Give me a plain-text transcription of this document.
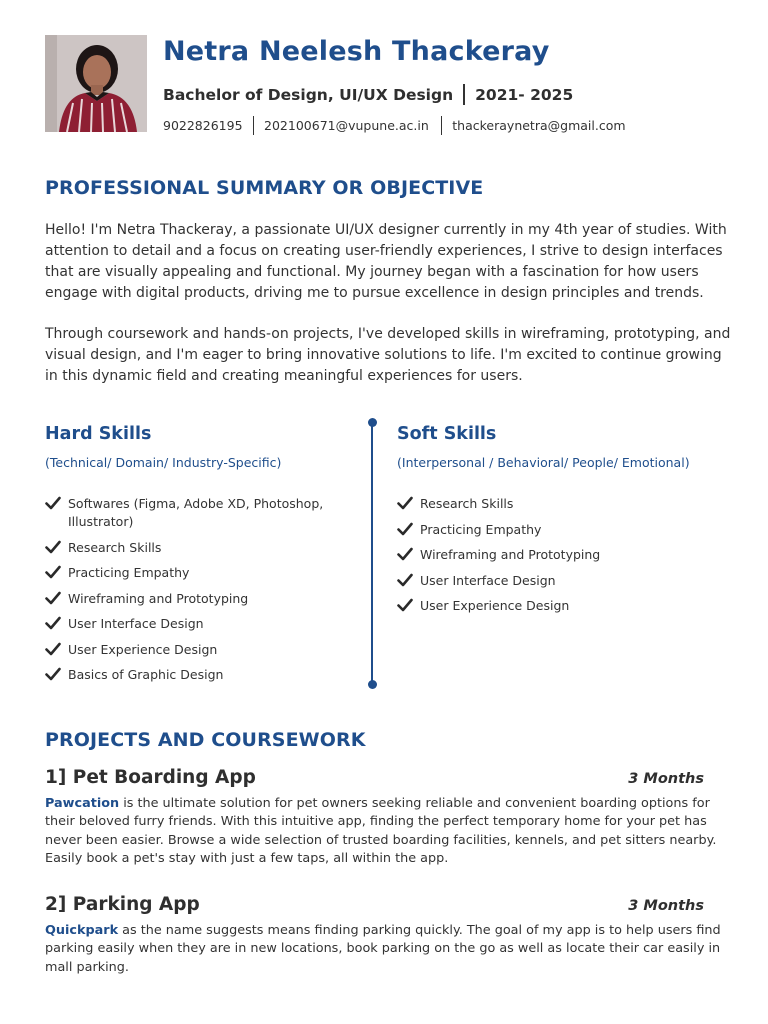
Netra Neelesh Thackeray
Bachelor of Design, UI/UX Design 2021- 2025
9022826195 202100671@vupune.ac.in thackeraynetra@gmail.com
PROFESSIONAL SUMMARY OR OBJECTIVE

Hello! I'm Netra Thackeray, a passionate UI/UX designer currently in my 4th year of studies. With attention to detail and a focus on creating user-friendly experiences, I strive to design interfaces that are visually appealing and functional. My journey began with a fascination for how users engage with digital products, driving me to pursue excellence in design principles and trends.

Through coursework and hands-on projects, I've developed skills in wireframing, prototyping, and visual design, and I'm eager to bring innovative solutions to life. I'm excited to continue growing in this dynamic field and creating meaningful experiences for users.

Hard Skills
(Technical/ Domain/ Industry-Specific)
Softwares (Figma, Adobe XD, Photoshop, Illustrator)
Research Skills
Practicing Empathy
Wireframing and Prototyping
User Interface Design
User Experience Design
Basics of Graphic Design
Soft Skills
(Interpersonal / Behavioral/ People/ Emotional)
Research Skills
Practicing Empathy
Wireframing and Prototyping
User Interface Design
User Experience Design
PROJECTS AND COURSEWORK
1] Pet Boarding App	3 Months

Pawcation is the ultimate solution for pet owners seeking reliable and convenient boarding options for their beloved furry friends. With this intuitive app, finding the perfect temporary home for your pet has never been easier. Browse a wide selection of trusted boarding facilities, kennels, and pet sitters nearby. Easily book a pet's stay with just a few taps, all within the app.

2] Parking App	3 Months

Quickpark as the name suggests means finding parking quickly. The goal of my app is to help users find parking easily when they are in new locations, book parking on the go as well as locate their car easily in mall parking.
